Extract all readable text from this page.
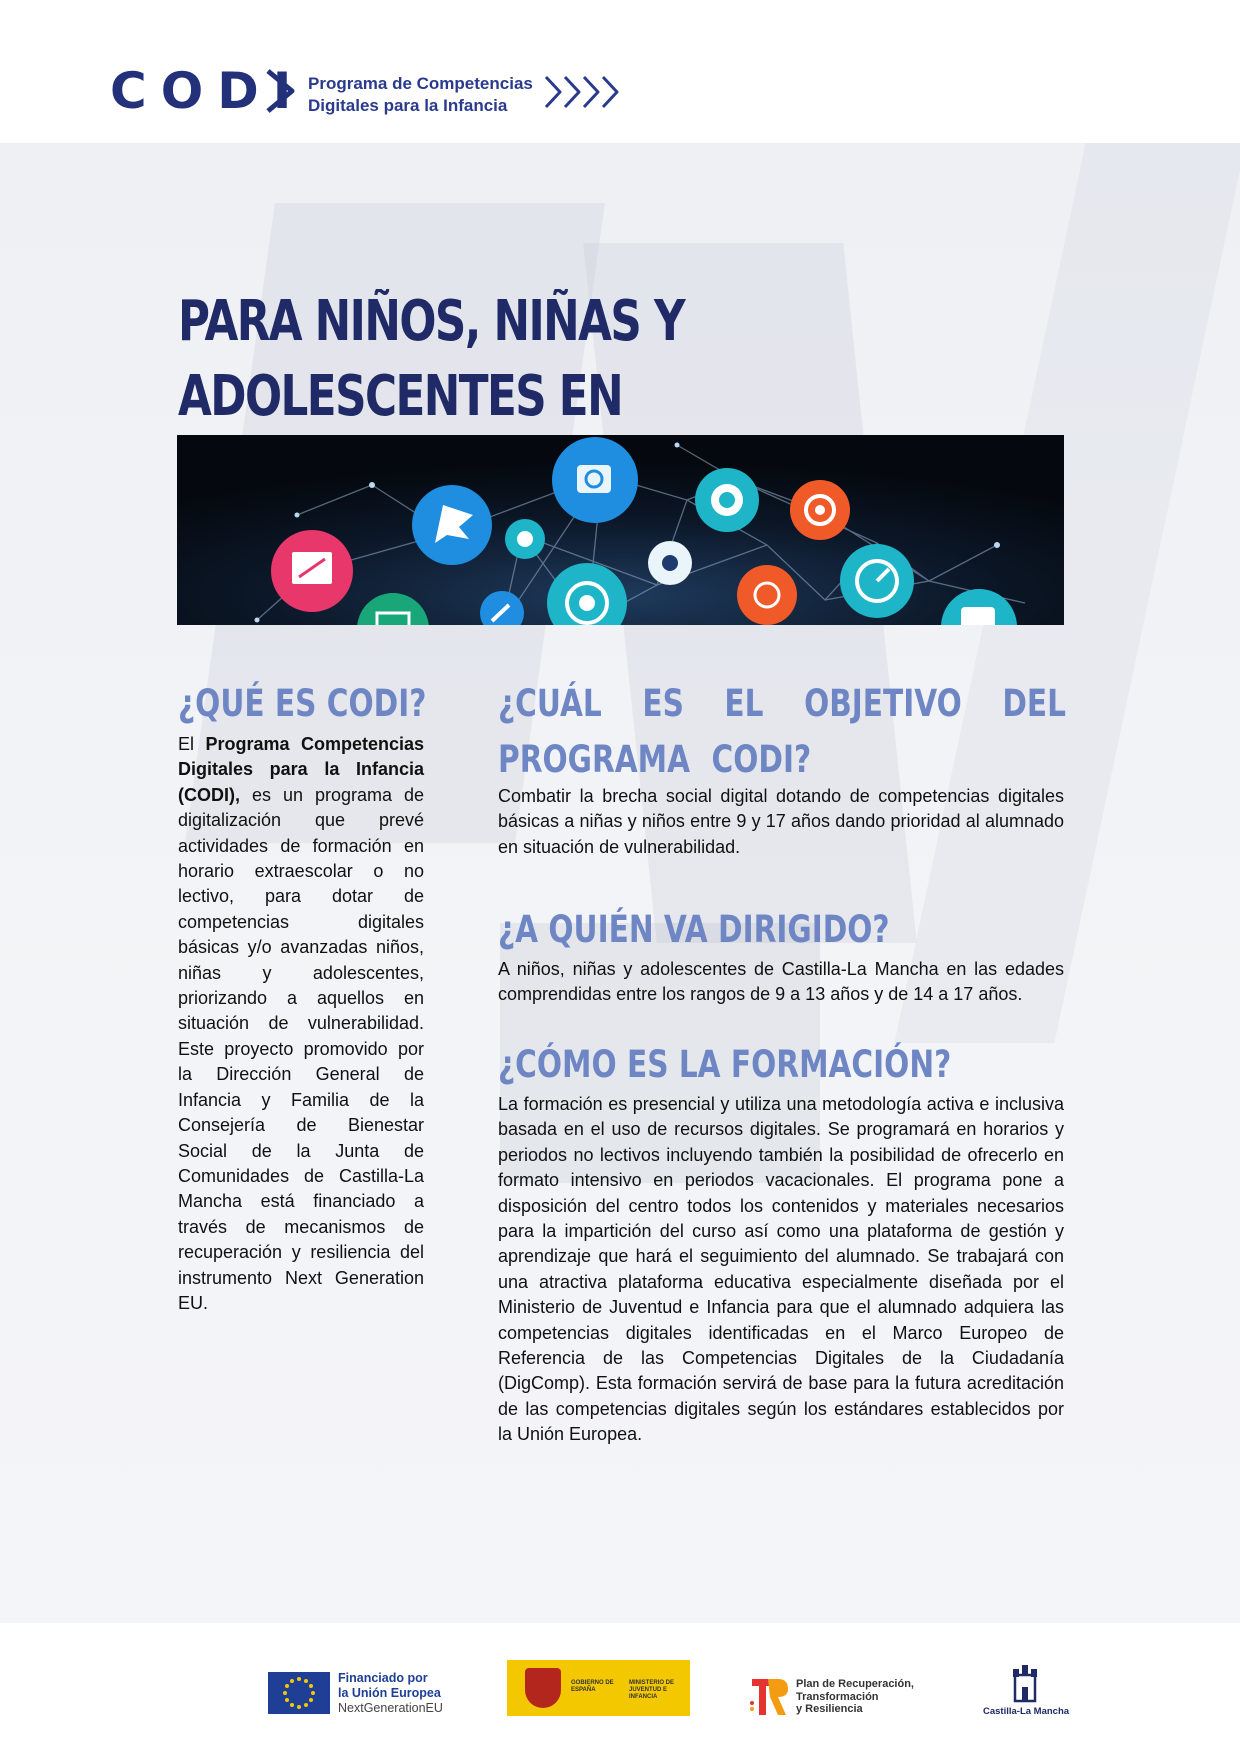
CODI Programa de Competencias
Digitales para la Infancia
PARA NIÑOS, NIÑAS Y ADOLESCENTES EN
¿QUÉ ES CODI?
El Programa Competencias Digitales para la Infancia (CODI), es un programa de digitalización que prevé actividades de formación en horario extraescolar o no lectivo, para dotar de competencias digitales básicas y/o avanzadas niños, niñas y adolescentes, priorizando a aquellos en situación de vulnerabilidad. Este proyecto promovido por la Dirección General de Infancia y Familia de la Consejería de Bienestar Social de la Junta de Comunidades de Castilla-La Mancha está financiado a través de mecanismos de recuperación y resiliencia del instrumento Next Generation EU.
¿CUÁL ES EL OBJETIVO DEL PROGRAMA CODI?
Combatir la brecha social digital dotando de competencias digitales básicas a niñas y niños entre 9 y 17 años dando prioridad al alumnado en situación de vulnerabilidad.
¿A QUIÉN VA DIRIGIDO?
A niños, niñas y adolescentes de Castilla-La Mancha en las edades comprendidas entre los rangos de 9 a 13 años y de 14 a 17 años.
¿CÓMO ES LA FORMACIÓN?
La formación es presencial y utiliza una metodología activa e inclusiva basada en el uso de recursos digitales. Se programará en horarios y periodos no lectivos incluyendo también la posibilidad de ofrecerlo en formato intensivo en periodos vacacionales. El programa pone a disposición del centro todos los contenidos y materiales necesarios para la impartición del curso así como una plataforma de gestión y aprendizaje que hará el seguimiento del alumnado. Se trabajará con una atractiva plataforma educativa especialmente diseñada por el Ministerio de Juventud e Infancia para que el alumnado adquiera las competencias digitales identificadas en el Marco Europeo de Referencia de las Competencias Digitales de la Ciudadanía (DigComp). Esta formación servirá de base para la futura acreditación de las competencias digitales según los estándares establecidos por la Unión Europea.
Financiado por
la Unión Europea
NextGenerationEU
GOBIERNO DE ESPAÑA
MINISTERIO DE JUVENTUD E INFANCIA
Plan de Recuperación,
Transformación
y Resiliencia	Castilla-La Mancha
